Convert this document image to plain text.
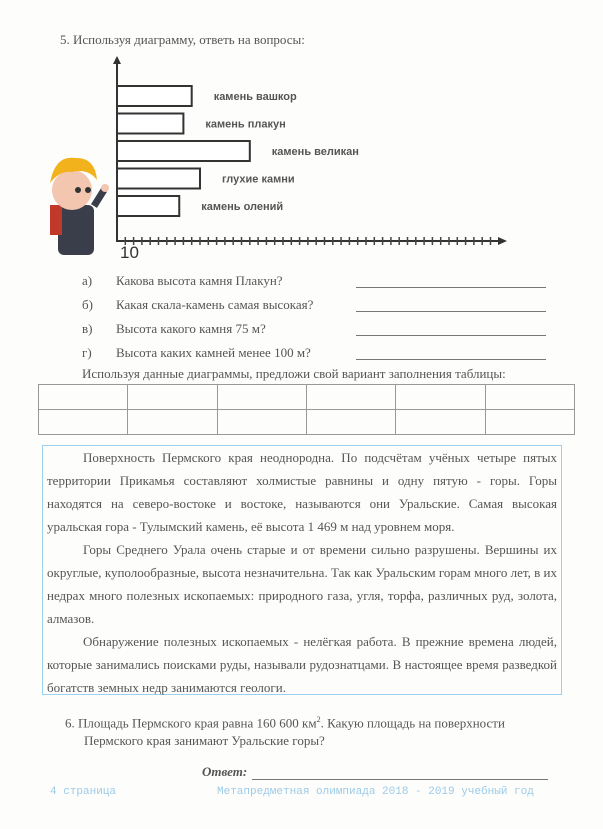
5. Используя диаграмму, ответь на вопросы:
камень вашкор
камень плакун
камень великан
глухие камни
камень олений
10
а) Какова высота камня Плакун?
б) Какая скала-камень самая высокая?
в) Высота какого камня 75 м?
г) Высота каких камней менее 100 м?
Используя данные диаграммы, предложи свой вариант заполнения таблицы:

Поверхность Пермского края неоднородна. По подсчётам учёных четыре пятых территории Прикамья составляют холмистые равнины и одну пятую - горы. Горы находятся на северо-востоке и востоке, называются они Уральские. Самая высокая уральская гора - Тулымский камень, её высота 1 469 м над уровнем моря.

Горы Среднего Урала очень старые и от времени сильно разрушены. Вершины их округлые, куполообразные, высота незначительна. Так как Уральским горам много лет, в их недрах много полезных ископаемых: природного газа, угля, торфа, различных руд, золота, алмазов.

Обнаружение полезных ископаемых - нелёгкая работа. В прежние времена людей, которые занимались поисками руды, называли рудознатцами. В настоящее время разведкой богатств земных недр занимаются геологи.

6. Площадь Пермского края равна 160 600 $км^2$. Какую площадь на поверхности
Пермского края занимают Уральские горы?
Ответ:
4 страница	Метапредметная олимпиада 2018 - 2019 учебный год
